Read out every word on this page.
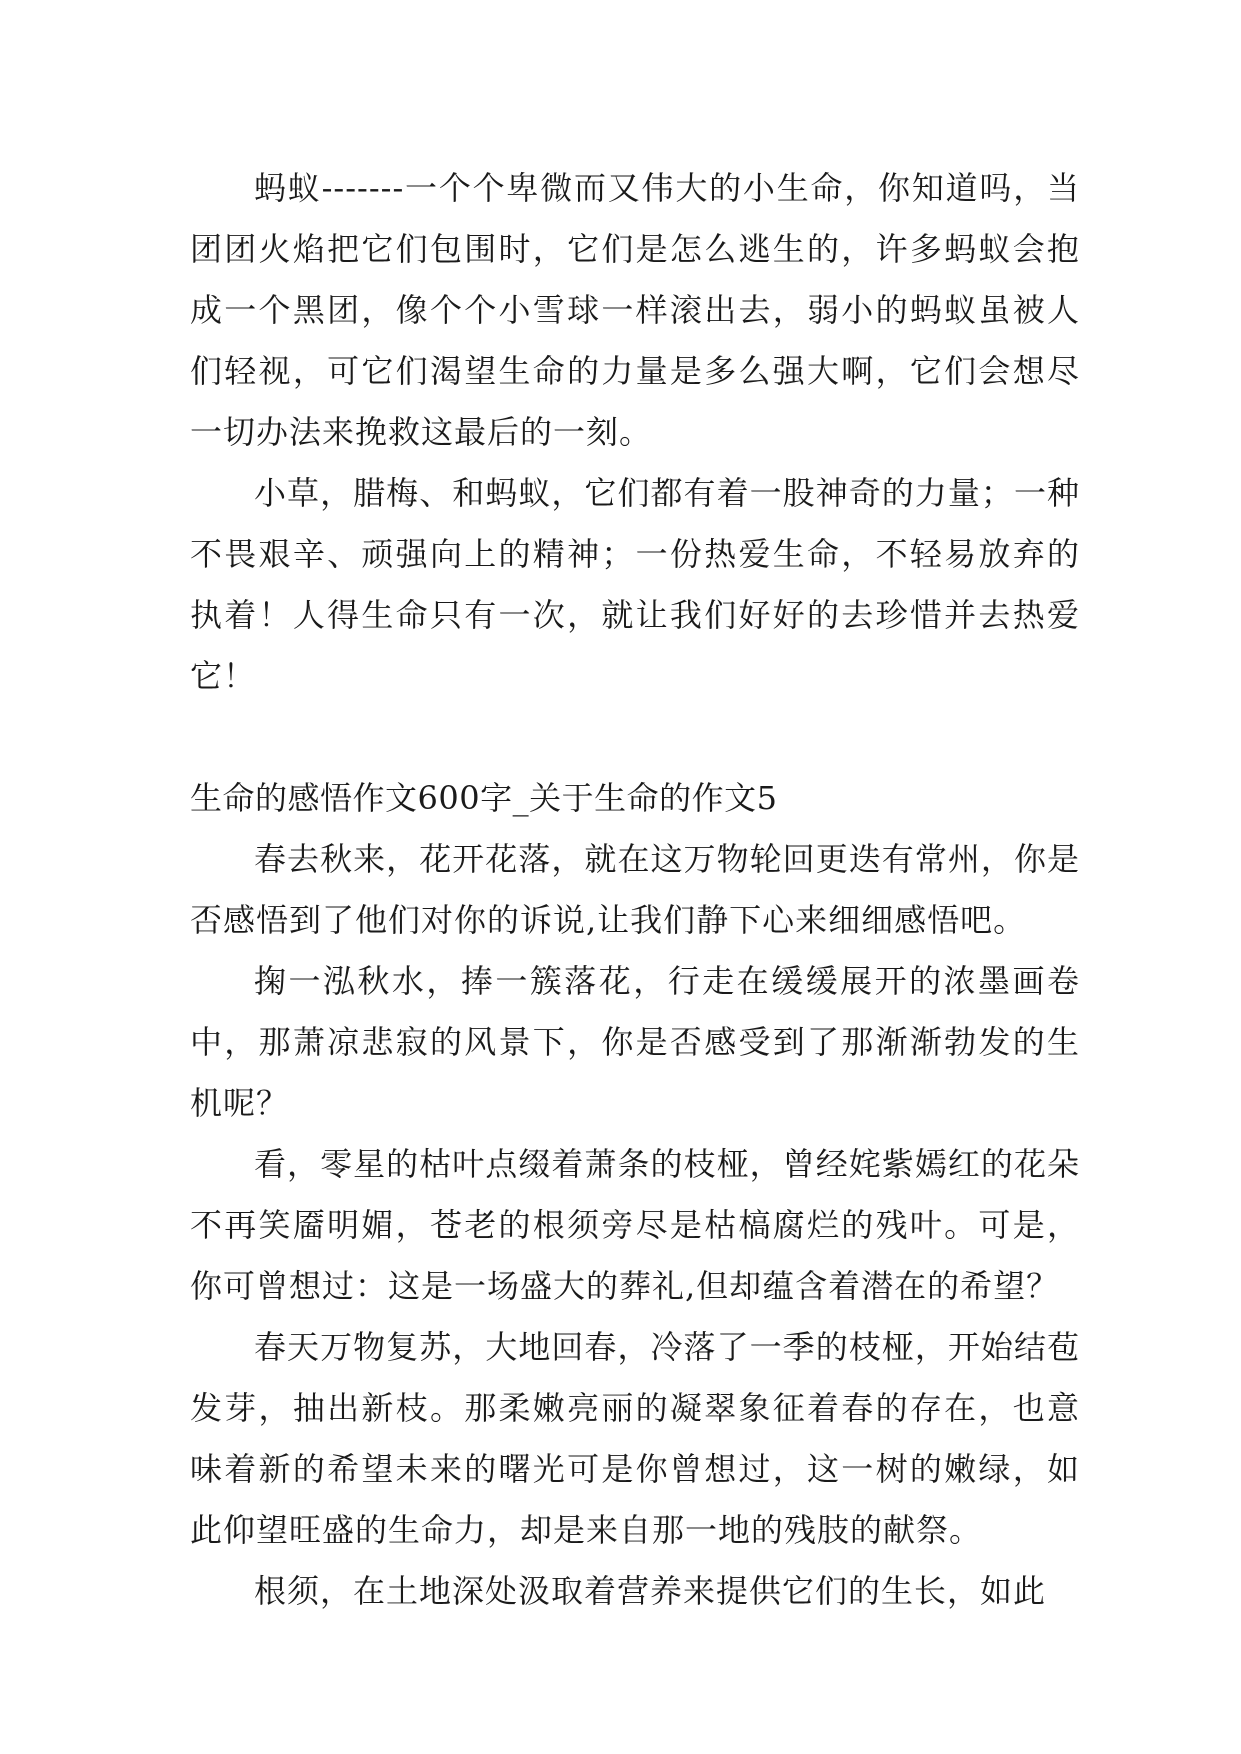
蚂蚁-------一个个卑微而又伟大的小生命，你知道吗，当团团火焰把它们包围时，它们是怎么逃生的，许多蚂蚁会抱成一个黑团，像个个小雪球一样滚出去，弱小的蚂蚁虽被人们轻视，可它们渴望生命的力量是多么强大啊，它们会想尽一切办法来挽救这最后的一刻。

小草，腊梅、和蚂蚁，它们都有着一股神奇的力量；一种不畏艰辛、顽强向上的精神；一份热爱生命，不轻易放弃的执着！人得生命只有一次，就让我们好好的去珍惜并去热爱它！

生命的感悟作文600字_关于生命的作文5

春去秋来，花开花落，就在这万物轮回更迭有常州，你是否感悟到了他们对你的诉说,让我们静下心来细细感悟吧。

掬一泓秋水，捧一簇落花，行走在缓缓展开的浓墨画卷中，那萧凉悲寂的风景下，你是否感受到了那渐渐勃发的生机呢？

看，零星的枯叶点缀着萧条的枝桠，曾经姹紫嫣红的花朵不再笑靥明媚，苍老的根须旁尽是枯槁腐烂的残叶。可是，你可曾想过：这是一场盛大的葬礼,但却蕴含着潜在的希望？

春天万物复苏，大地回春，冷落了一季的枝桠，开始结苞发芽，抽出新枝。那柔嫩亮丽的凝翠象征着春的存在，也意味着新的希望未来的曙光可是你曾想过，这一树的嫩绿，如此仰望旺盛的生命力，却是来自那一地的残肢的献祭。

根须，在土地深处汲取着营养来提供它们的生长，如此
